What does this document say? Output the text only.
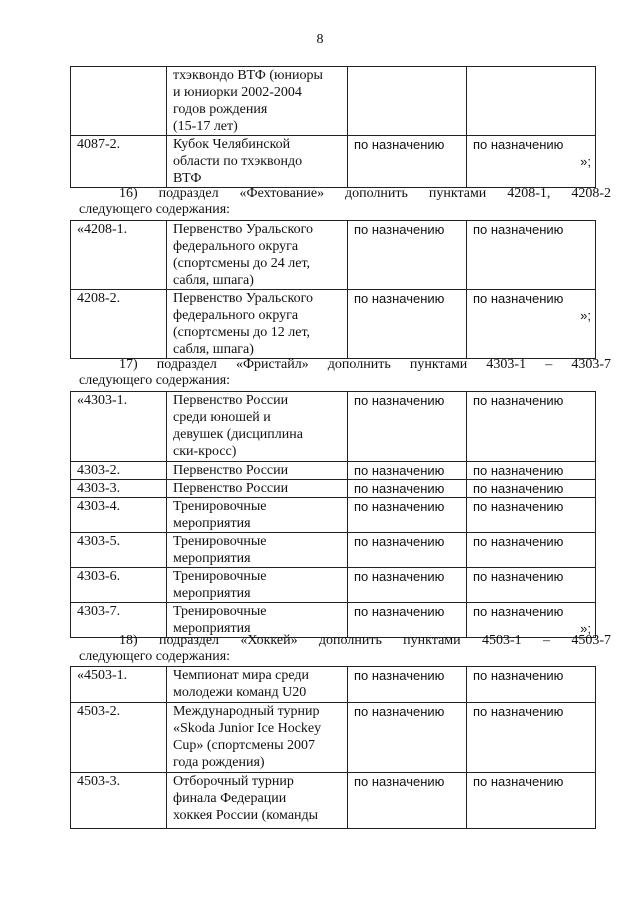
8
	тхэквондо ВТФ (юниоры
и юниорки 2002-2004
годов рождения
(15-17 лет)		

4087-2.	Кубок Челябинской
области по тхэквондо
ВТФ	по назначению	по назначению
»;
16) подраздел «Фехтование» дополнить пунктами 4208-1, 4208-2
следующего содержания:
«4208-1.	Первенство Уральского
федерального округа
(спортсмены до 24 лет,
сабля, шпага)	по назначению	по назначению

4208-2.	Первенство Уральского
федерального округа
(спортсмены до 12 лет,
сабля, шпага)	по назначению	по назначению
»;
17) подраздел «Фристайл» дополнить пунктами 4303-1 – 4303-7
следующего содержания:
«4303-1.	Первенство России
среди юношей и
девушек (дисциплина
ски-кросс)	по назначению	по назначению

4303-2.	Первенство России	по назначению	по назначению

4303-3.	Первенство России	по назначению	по назначению

4303-4.	Тренировочные
мероприятия	по назначению	по назначению

4303-5.	Тренировочные
мероприятия	по назначению	по назначению

4303-6.	Тренировочные
мероприятия	по назначению	по назначению

4303-7.	Тренировочные
мероприятия	по назначению	по назначению
»;
18) подраздел «Хоккей» дополнить пунктами 4503-1 – 4503-7
следующего содержания:
«4503-1.	Чемпионат мира среди
молодежи команд U20	по назначению	по назначению

4503-2.	Международный турнир
«Skoda Junior Ice Hockey
Cup» (спортсмены 2007
года рождения)	по назначению	по назначению

4503-3.	Отборочный турнир
финала Федерации
хоккея России (команды	по назначению	по назначению
